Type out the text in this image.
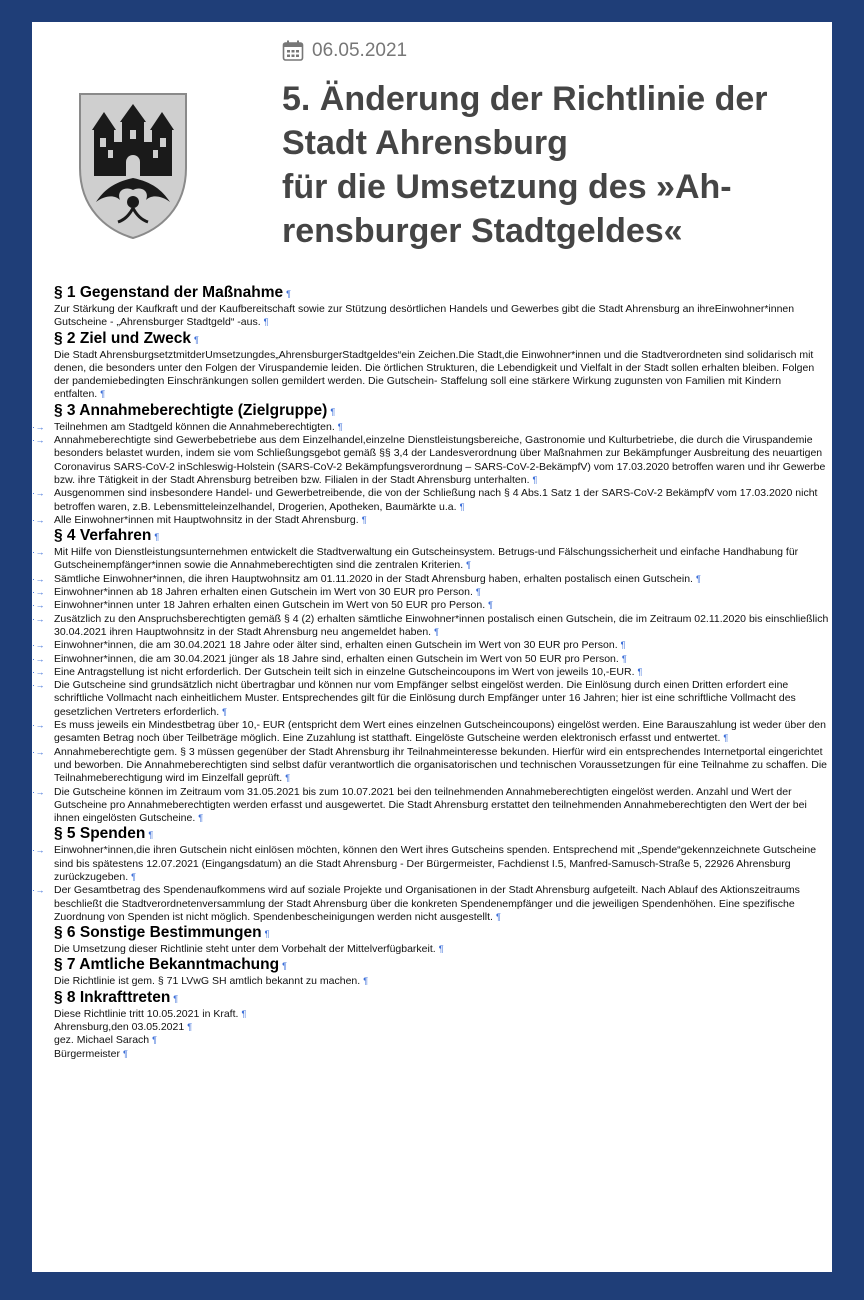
06.05.2021
5. Änderung der Richtlinie der
Stadt Ahrensburg
für die Umsetzung des »Ah-
rensburger Stadtgeldes«
§ 1 Gegenstand der Maßnahme ¶

Zur Stärkung der Kaufkraft und der Kaufbereitschaft sowie zur Stützung desörtlichen Handels und Gewerbes gibt die Stadt Ahrensburg an ihreEinwohner*innen Gutscheine - „Ahrensburger Stadtgeld“ -aus. ¶

§ 2 Ziel und Zweck ¶

Die Stadt AhrensburgsetztmitderUmsetzungdes„AhrensburgerStadtgeldes“ein Zeichen.Die Stadt,die Einwohner*innen und die Stadtverordneten sind solidarisch mit denen, die besonders unter den Folgen der Viruspandemie leiden. Die örtlichen Strukturen, die Lebendigkeit und Vielfalt in der Stadt sollen erhalten bleiben. Folgen der pandemiebedingten Einschränkungen sollen gemildert werden. Die Gutschein- Staffelung soll eine stärkere Wirkung zugunsten von Familien mit Kindern entfalten. ¶

§ 3 Annahmeberechtigte (Zielgruppe) ¶

· →	Teilnehmen am Stadtgeld können die Annahmeberechtigten. ¶

· →	Annahmeberechtigte sind Gewerbebetriebe aus dem Einzelhandel,einzelne Dienstleistungsbereiche, Gastronomie und Kulturbetriebe, die durch die Viruspandemie besonders belastet wurden, indem sie vom Schließungsgebot gemäß §§ 3,4 der Landesverordnung über Maßnahmen zur Bekämpfunger Ausbreitung des neuartigen Coronavirus SARS-CoV-2 inSchleswig-Holstein (SARS-CoV-2 Bekämpfungsverordnung – SARS-CoV-2-BekämpfV) vom 17.03.2020 betroffen waren und ihr Gewerbe bzw. ihre Tätigkeit in der Stadt Ahrensburg betreiben bzw. Filialen in der Stadt Ahrensburg unterhalten. ¶

· →	Ausgenommen sind insbesondere Handel- und Gewerbetreibende, die von der Schließung nach § 4 Abs.1 Satz 1 der SARS-CoV-2 BekämpfV vom 17.03.2020 nicht betroffen waren, z.B. Lebensmitteleinzelhandel, Drogerien, Apotheken, Baumärkte u.a. ¶

· →	Alle Einwohner*innen mit Hauptwohnsitz in der Stadt Ahrensburg. ¶

§ 4 Verfahren ¶

· →	Mit Hilfe von Dienstleistungsunternehmen entwickelt die Stadtverwaltung ein Gutscheinsystem. Betrugs-und Fälschungssicherheit und einfache Handhabung für Gutscheinempfänger*innen sowie die Annahmeberechtigten sind die zentralen Kriterien. ¶

· →	Sämtliche Einwohner*innen, die ihren Hauptwohnsitz am 01.11.2020 in der Stadt Ahrensburg haben, erhalten postalisch einen Gutschein. ¶

· →	Einwohner*innen ab 18 Jahren erhalten einen Gutschein im Wert von 30 EUR pro Person. ¶

· →	Einwohner*innen unter 18 Jahren erhalten einen Gutschein im Wert von 50 EUR pro Person. ¶

· →	Zusätzlich zu den Anspruchsberechtigten gemäß § 4 (2) erhalten sämtliche Einwohner*innen postalisch einen Gutschein, die im Zeitraum 02.11.2020 bis einschließlich 30.04.2021 ihren Hauptwohnsitz in der Stadt Ahrensburg neu angemeldet haben. ¶

· →	Einwohner*innen, die am 30.04.2021 18 Jahre oder älter sind, erhalten einen Gutschein im Wert von 30 EUR pro Person. ¶

· →	Einwohner*innen, die am 30.04.2021 jünger als 18 Jahre sind, erhalten einen Gutschein im Wert von 50 EUR pro Person. ¶

· →	Eine Antragstellung ist nicht erforderlich. Der Gutschein teilt sich in einzelne Gutscheincoupons im Wert von jeweils 10,-EUR. ¶

· →	Die Gutscheine sind grundsätzlich nicht übertragbar und können nur vom Empfänger selbst eingelöst werden. Die Einlösung durch einen Dritten erfordert eine schriftliche Vollmacht nach einheitlichem Muster. Entsprechendes gilt für die Einlösung durch Empfänger unter 16 Jahren; hier ist eine schriftliche Vollmacht des gesetzlichen Vertreters erforderlich. ¶

· →	Es muss jeweils ein Mindestbetrag über 10,- EUR (entspricht dem Wert eines einzelnen Gutscheincoupons) eingelöst werden. Eine Barauszahlung ist weder über den gesamten Betrag noch über Teilbeträge möglich. Eine Zuzahlung ist statthaft. Eingelöste Gutscheine werden elektronisch erfasst und entwertet. ¶

· →	Annahmeberechtigte gem. § 3 müssen gegenüber der Stadt Ahrensburg ihr Teilnahmeinteresse bekunden. Hierfür wird ein entsprechendes Internetportal eingerichtet und beworben. Die Annahmeberechtigten sind selbst dafür verantwortlich die organisatorischen und technischen Voraussetzungen für eine Teilnahme zu schaffen. Die Teilnahmeberechtigung wird im Einzelfall geprüft. ¶

· →	Die Gutscheine können im Zeitraum vom 31.05.2021 bis zum 10.07.2021 bei den teilnehmenden Annahmeberechtigten eingelöst werden. Anzahl und Wert der Gutscheine pro Annahmeberechtigten werden erfasst und ausgewertet. Die Stadt Ahrensburg erstattet den teilnehmenden Annahmeberechtigten den Wert der bei ihnen eingelösten Gutscheine. ¶

§ 5 Spenden ¶

· →	Einwohner*innen,die ihren Gutschein nicht einlösen möchten, können den Wert ihres Gutscheins spenden. Entsprechend mit „Spende“gekennzeichnete Gutscheine sind bis spätestens 12.07.2021 (Eingangsdatum) an die Stadt Ahrensburg - Der Bürgermeister, Fachdienst I.5, Manfred-Samusch-Straße 5, 22926 Ahrensburg zurückzugeben. ¶

· →	Der Gesamtbetrag des Spendenaufkommens wird auf soziale Projekte und Organisationen in der Stadt Ahrensburg aufgeteilt. Nach Ablauf des Aktionszeitraums beschließt die Stadtverordnetenversammlung der Stadt Ahrensburg über die konkreten Spendenempfänger und die jeweiligen Spendenhöhen. Eine spezifische Zuordnung von Spenden ist nicht möglich. Spendenbescheinigungen werden nicht ausgestellt. ¶

§ 6 Sonstige Bestimmungen ¶

Die Umsetzung dieser Richtlinie steht unter dem Vorbehalt der Mittelverfügbarkeit. ¶

§ 7 Amtliche Bekanntmachung ¶

Die Richtlinie ist gem. § 71 LVwG SH amtlich bekannt zu machen. ¶

§ 8 Inkrafttreten ¶

Diese Richtlinie tritt 10.05.2021 in Kraft. ¶

Ahrensburg,den 03.05.2021 ¶

gez. Michael Sarach ¶

Bürgermeister ¶
